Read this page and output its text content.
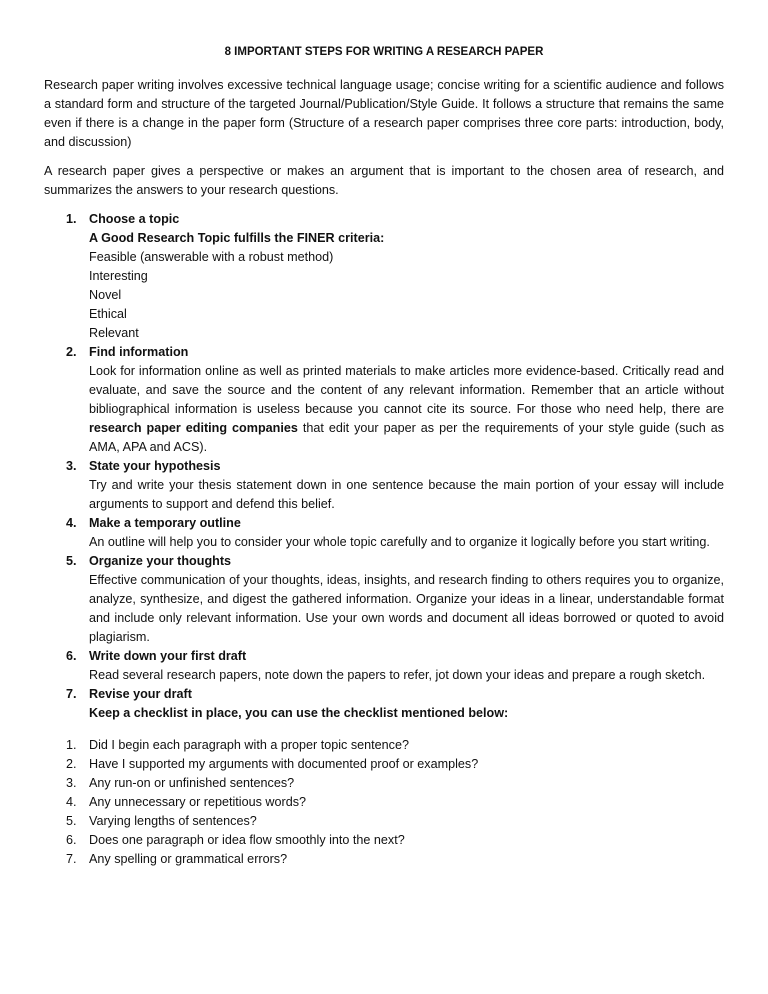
8 IMPORTANT STEPS FOR WRITING A RESEARCH PAPER

Research paper writing involves excessive technical language usage; concise writing for a scientific audience and follows a standard form and structure of the targeted Journal/Publication/Style Guide. It follows a structure that remains the same even if there is a change in the paper form (Structure of a research paper comprises three core parts: introduction, body, and discussion)

A research paper gives a perspective or makes an argument that is important to the chosen area of research, and summarizes the answers to your research questions.

1. Choose a topic
A Good Research Topic fulfills the FINER criteria:
Feasible (answerable with a robust method)
Interesting
Novel
Ethical
Relevant
2. Find information
Look for information online as well as printed materials to make articles more evidence-based. Critically read and evaluate, and save the source and the content of any relevant information. Remember that an article without bibliographical information is useless because you cannot cite its source. For those who need help, there are research paper editing companies that edit your paper as per the requirements of your style guide (such as AMA, APA and ACS).
3. State your hypothesis
Try and write your thesis statement down in one sentence because the main portion of your essay will include arguments to support and defend this belief.
4. Make a temporary outline
An outline will help you to consider your whole topic carefully and to organize it logically before you start writing.
5. Organize your thoughts
Effective communication of your thoughts, ideas, insights, and research finding to others requires you to organize, analyze, synthesize, and digest the gathered information. Organize your ideas in a linear, understandable format and include only relevant information. Use your own words and document all ideas borrowed or quoted to avoid plagiarism.
6. Write down your first draft
Read several research papers, note down the papers to refer, jot down your ideas and prepare a rough sketch.
7. Revise your draft
Keep a checklist in place, you can use the checklist mentioned below:
1. Did I begin each paragraph with a proper topic sentence?
2. Have I supported my arguments with documented proof or examples?
3. Any run-on or unfinished sentences?
4. Any unnecessary or repetitious words?
5. Varying lengths of sentences?
6. Does one paragraph or idea flow smoothly into the next?
7. Any spelling or grammatical errors?
